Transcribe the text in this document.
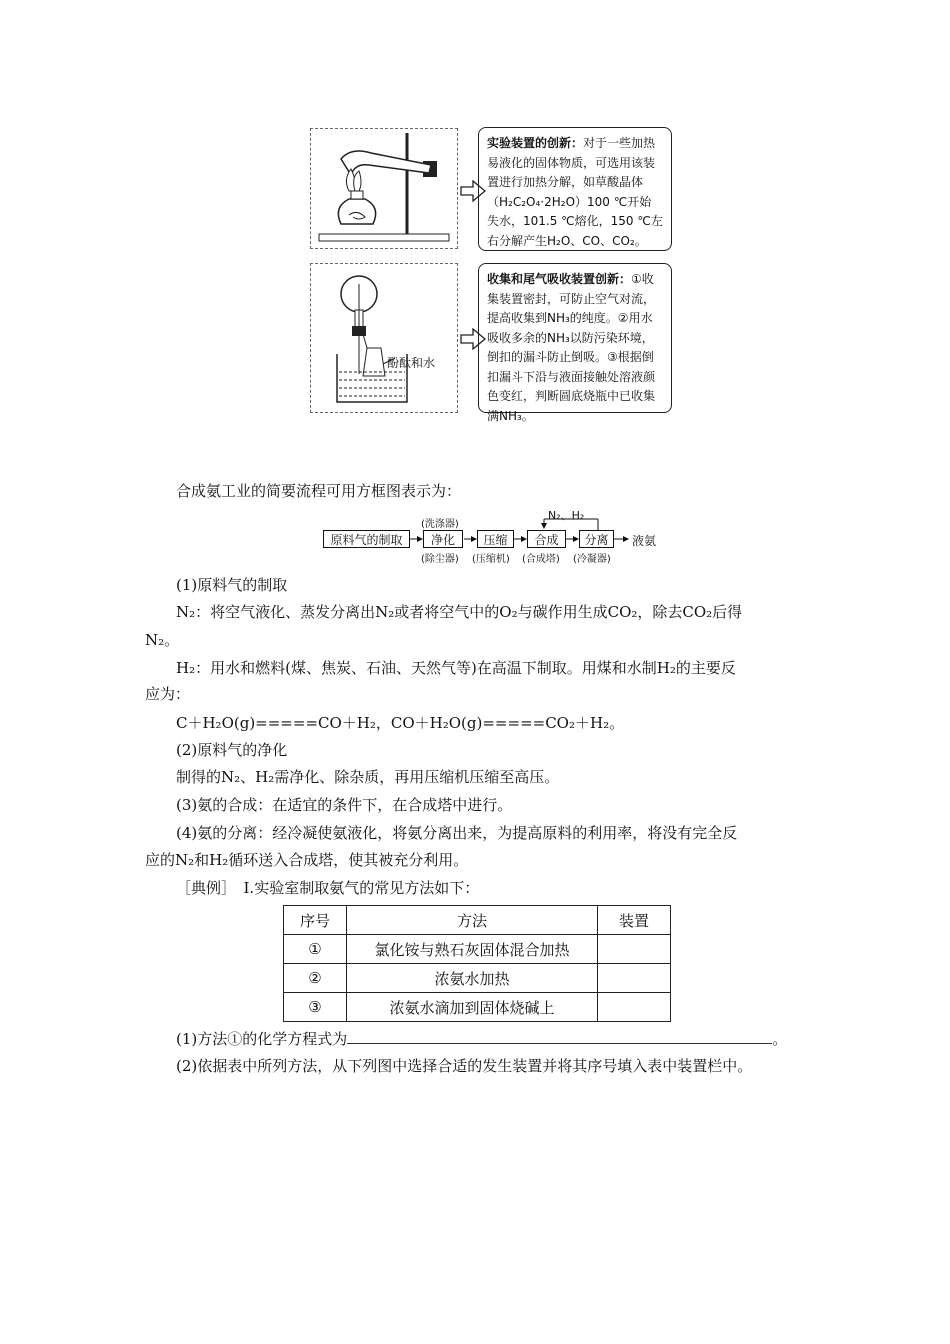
实验装置的创新：对于一些加热易液化的固体物质，可选用该装置进行加热分解，如草酸晶体（H₂C₂O₄·2H₂O）100 ℃开始失水，101.5 ℃熔化，150 ℃左右分解产生H₂O、CO、CO₂。
酚酞和水
收集和尾气吸收装置创新：①收集装置密封，可防止空气对流，提高收集到NH₃的纯度。②用水吸收多余的NH₃以防污染环境，倒扣的漏斗防止倒吸。③根据倒扣漏斗下沿与液面接触处溶液颜色变红，判断圆底烧瓶中已收集满NH₃。
合成氨工业的简要流程可用方框图表示为：
原料气的制取	净化	压缩	合成	分离	液氨
(洗涤器)
N₂、H₂
(除尘器) (压缩机) (合成塔) (冷凝器)
(1)原料气的制取
N₂：将空气液化、蒸发分离出N₂或者将空气中的O₂与碳作用生成CO₂，除去CO₂后得
N₂。
H₂：用水和燃料(煤、焦炭、石油、天然气等)在高温下制取。用煤和水制H₂的主要反
应为：
C＋H₂O(g)=====CO＋H₂，CO＋H₂O(g)=====CO₂＋H₂。
(2)原料气的净化
制得的N₂、H₂需净化、除杂质，再用压缩机压缩至高压。
(3)氨的合成：在适宜的条件下，在合成塔中进行。
(4)氨的分离：经冷凝使氨液化，将氨分离出来，为提高原料的利用率，将没有完全反
应的N₂和H₂循环送入合成塔，使其被充分利用。
［典例］　Ⅰ.实验室制取氨气的常见方法如下：
序号	方法	装置
①	氯化铵与熟石灰固体混合加热	
②	浓氨水加热	
③	浓氨水滴加到固体烧碱上	
(1)方法①的化学方程式为	。
(2)依据表中所列方法，从下列图中选择合适的发生装置并将其序号填入表中装置栏中。
